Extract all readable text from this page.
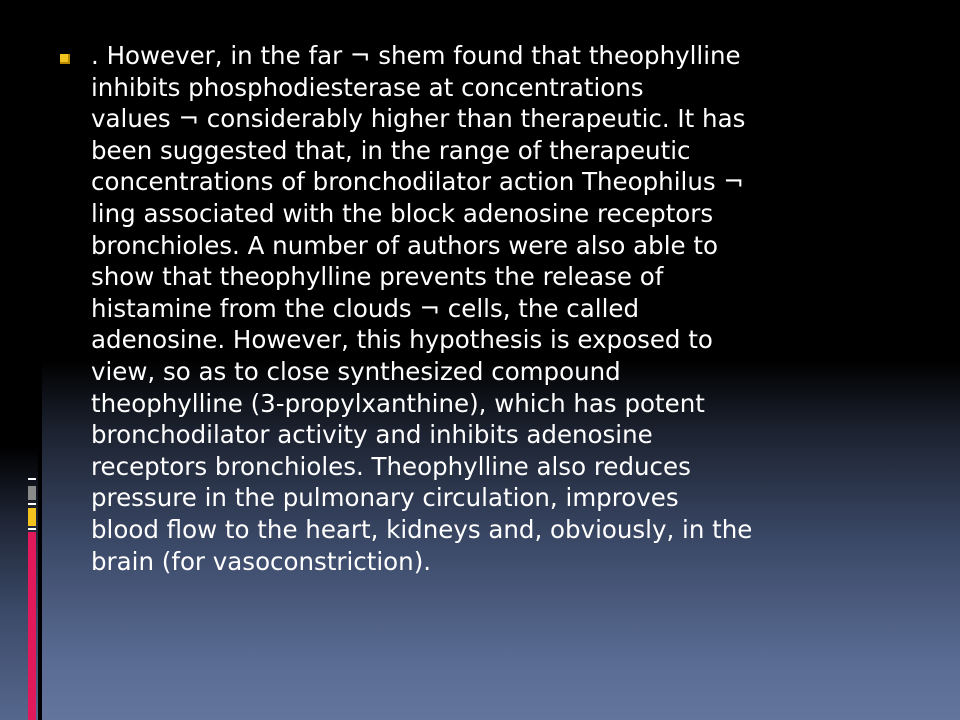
. However, in the far ¬ shem found that theophylline
inhibits phosphodiesterase at concentrations
values ¬ considerably higher than therapeutic. It has
been suggested that, in the range of therapeutic
concentrations of bronchodilator action Theophilus ¬
ling associated with the block adenosine receptors
bronchioles. A number of authors were also able to
show that theophylline prevents the release of
histamine from the clouds ¬ cells, the called
adenosine. However, this hypothesis is exposed to
view, so as to close synthesized compound
theophylline (3-propylxanthine), which has potent
bronchodilator activity and inhibits adenosine
receptors bronchioles. Theophylline also reduces
pressure in the pulmonary circulation, improves
blood flow to the heart, kidneys and, obviously, in the
brain (for vasoconstriction).
